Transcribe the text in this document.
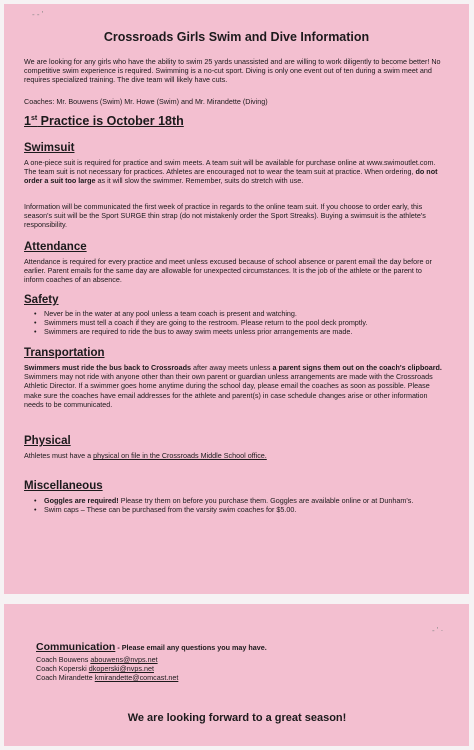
‑ ‑ '
Crossroads Girls Swim and Dive Information

We are looking for any girls who have the ability to swim 25 yards unassisted and are willing to work diligently to become better! No competitive swim experience is required. Swimming is a no-cut sport. Diving is only one event out of ten during a swim meet and requires specialized training. The dive team will likely have cuts.

Coaches: Mr. Bouwens (Swim) Mr. Howe (Swim) and Mr. Mirandette (Diving)

1st Practice is October 18th
Swimsuit

A one-piece suit is required for practice and swim meets. A team suit will be available for purchase online at www.swimoutlet.com. The team suit is not necessary for practices. Athletes are encouraged not to wear the team suit at practice. When ordering, do not order a suit too large as it will slow the swimmer. Remember, suits do stretch with use.

Information will be communicated the first week of practice in regards to the online team suit. If you choose to order early, this season's suit will be the Sport SURGE thin strap (do not mistakenly order the Sport Streaks). Buying a swimsuit is the athlete's responsibility.

Attendance

Attendance is required for every practice and meet unless excused because of school absence or parent email the day before or earlier. Parent emails for the same day are allowable for unexpected circumstances. It is the job of the athlete or the parent to inform coaches of an absence.

Safety
• Never be in the water at any pool unless a team coach is present and watching.
• Swimmers must tell a coach if they are going to the restroom. Please return to the pool deck promptly.
• Swimmers are required to ride the bus to away swim meets unless prior arrangements are made.
Transportation

Swimmers must ride the bus back to Crossroads after away meets unless a parent signs them out on the coach's clipboard. Swimmers may not ride with anyone other than their own parent or guardian unless arrangements are made with the Crossroads Athletic Director. If a swimmer goes home anytime during the school day, please email the coaches as soon as possible. Please make sure the coaches have email addresses for the athlete and parent(s) in case schedule changes arise or other information needs to be communicated.

Physical

Athletes must have a physical on file in the Crossroads Middle School office.

Miscellaneous
• Goggles are required! Please try them on before you purchase them. Goggles are available online or at Dunham's.
• Swim caps – These can be purchased from the varsity swim coaches for $5.00.
‑ ' ·
Communication - Please email any questions you may have.
Coach Bouwens abouwens@nvps.net
Coach Koperski dkoperski@nvps.net
Coach Mirandette kmirandette@comcast.net
We are looking forward to a great season!
